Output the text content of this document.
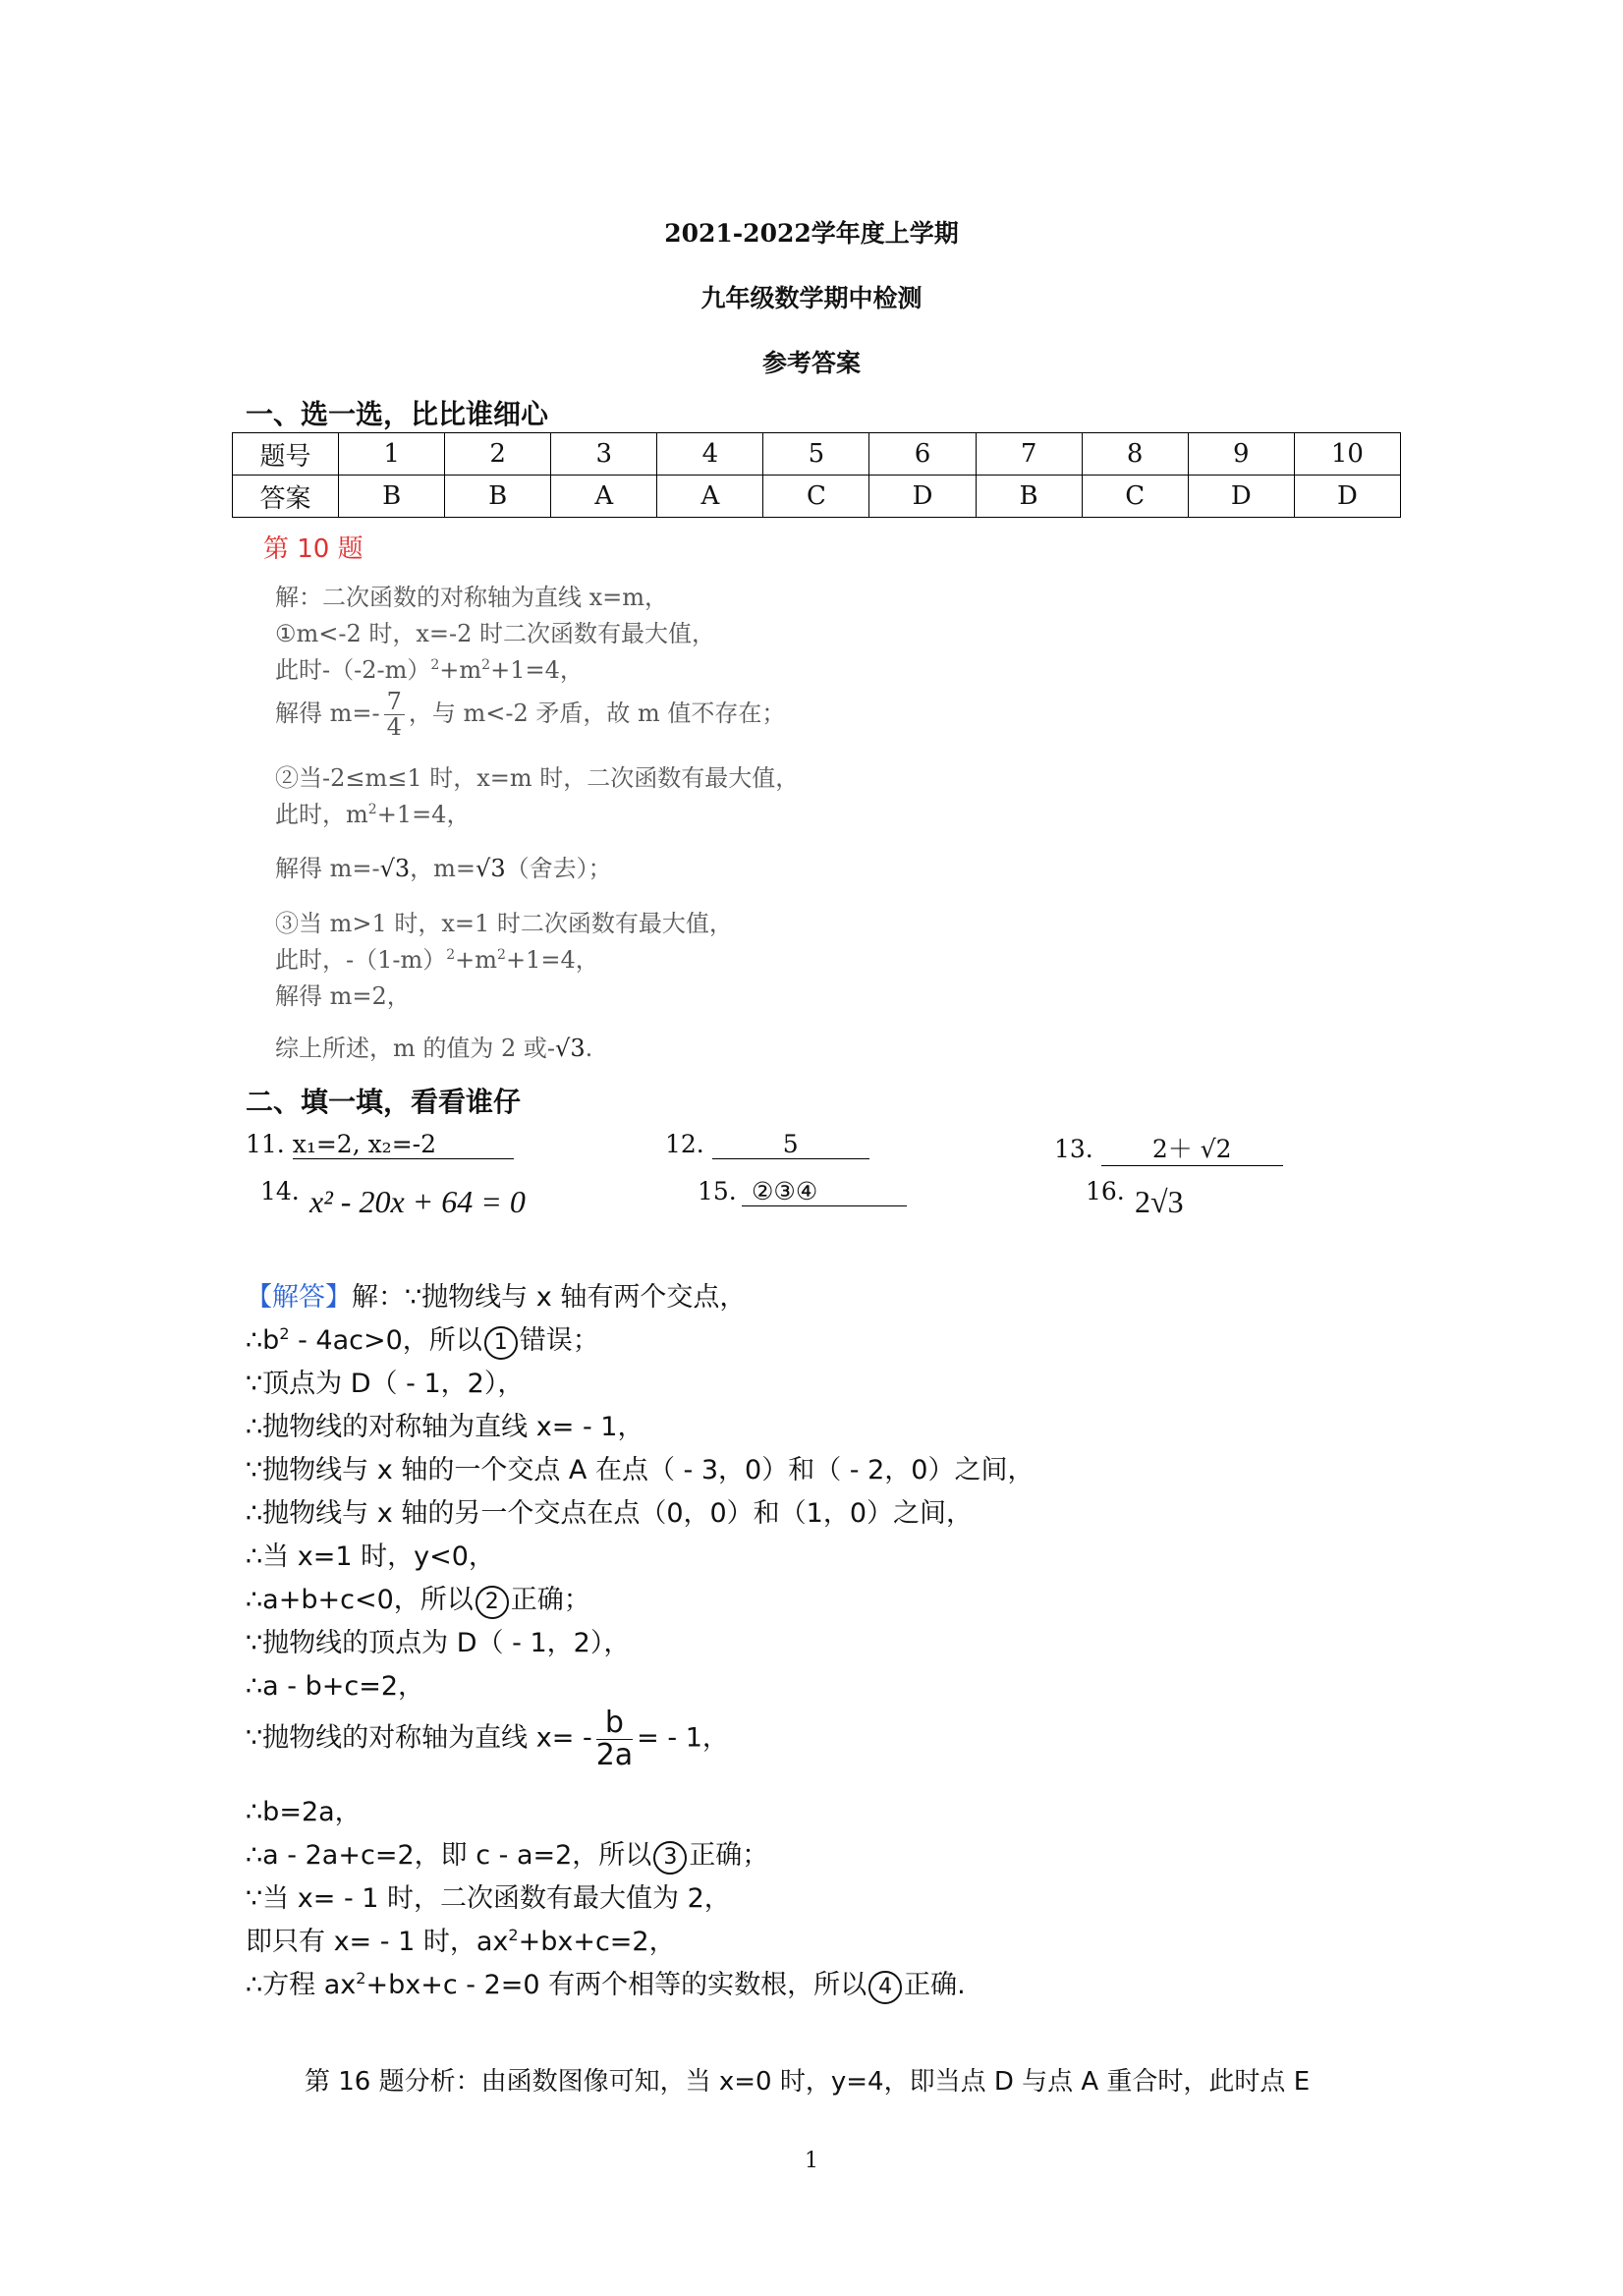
2021-2022学年度上学期
九年级数学期中检测
参考答案
一、选一选，比比谁细心
题号	1	2	3	4	5	6	7	8	9	10
答案	B	B	A	A	C	D	B	C	D	D
第 10 题
解：二次函数的对称轴为直线 x=m，
①m<-2 时，x=-2 时二次函数有最大值，
此时$-(-2-m)^2+m^2+1=4$，
解得 $m=- \frac{7}{4}$ ，与 m<-2 矛盾，故 m 值不存在；
②当-2≤m≤1 时，x=m 时，二次函数有最大值，
此时，$m^2+1=4$，
解得 m=-√3，m=√3（舍去）；
③当 m>1 时，x=1 时二次函数有最大值，
此时，$-(1-m)^2+m^2+1=4$，
解得 m=2，
综上所述，m 的值为 2 或-√3.
二、填一填，看看谁仔
11. x₁=2, x₂=-2	12.	5	13. 2＋ √2
14. x² - 20x + 64 = 0	15. ②③④	16. 2√3
【解答】解：∵抛物线与 x 轴有两个交点，
$\therefore b^2 - 4ac>0$，所以 1 错误；
∵顶点为 D（ - 1，2），
∴抛物线的对称轴为直线 x= - 1，
∵抛物线与 x 轴的一个交点 A 在点（ - 3，0）和（ - 2，0）之间，
∴抛物线与 x 轴的另一个交点在点（0，0）和（1，0）之间，
∴当 x=1 时，y<0，
∴a+b+c<0，所以 2 正确；
∵抛物线的顶点为 D（ - 1，2），
∴a - b+c=2，
∵抛物线的对称轴为直线 $x= - \frac{b}{2a}$ = - 1，
∴b=2a，
∴a - 2a+c=2，即 c - a=2，所以 3 正确；
∵当 x= - 1 时，二次函数有最大值为 2，
即只有 x= - 1 时，$ax^2+bx+c=2$，
∴方程 $ax^2+bx+c - 2=0$ 有两个相等的实数根，所以 4 正确.
第 16 题分析：由函数图像可知，当 x=0 时，y=4，即当点 D 与点 A 重合时，此时点 E
1
